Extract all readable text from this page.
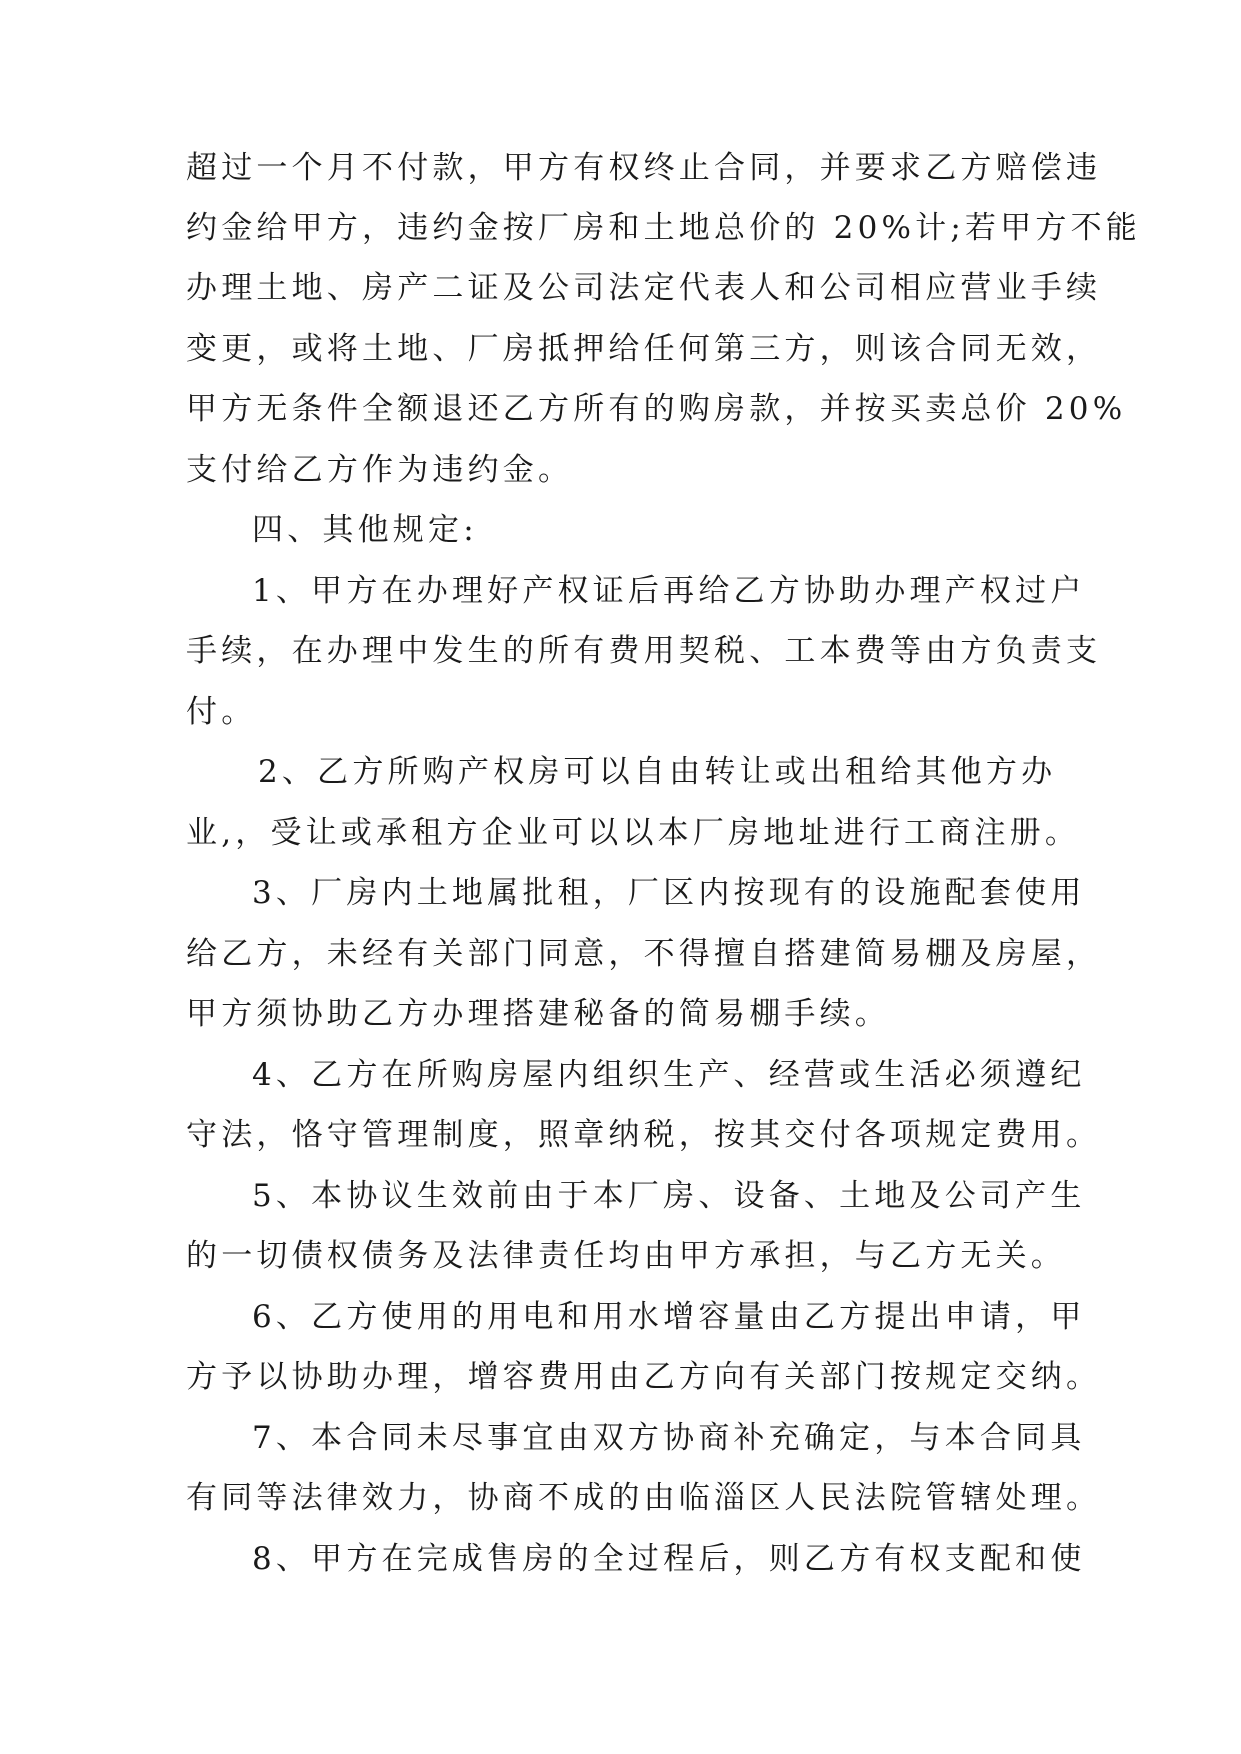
超过一个月不付款，甲方有权终止合同，并要求乙方赔偿违
约金给甲方，违约金按厂房和土地总价的 20%计;若甲方不能
办理土地、房产二证及公司法定代表人和公司相应营业手续
变更，或将土地、厂房抵押给任何第三方，则该合同无效，
甲方无条件全额退还乙方所有的购房款，并按买卖总价 20%
支付给乙方作为违约金。
四、其他规定:
1、甲方在办理好产权证后再给乙方协助办理产权过户
手续，在办理中发生的所有费用契税、工本费等由方负责支
付。
2、乙方所购产权房可以自由转让或出租给其他方办
业,，受让或承租方企业可以以本厂房地址进行工商注册。
3、厂房内土地属批租，厂区内按现有的设施配套使用
给乙方，未经有关部门同意，不得擅自搭建简易棚及房屋，
甲方须协助乙方办理搭建秘备的简易棚手续。
4、乙方在所购房屋内组织生产、经营或生活必须遵纪
守法，恪守管理制度，照章纳税，按其交付各项规定费用。
5、本协议生效前由于本厂房、设备、土地及公司产生
的一切债权债务及法律责任均由甲方承担，与乙方无关。
6、乙方使用的用电和用水增容量由乙方提出申请，甲
方予以协助办理，增容费用由乙方向有关部门按规定交纳。
7、本合同未尽事宜由双方协商补充确定，与本合同具
有同等法律效力，协商不成的由临淄区人民法院管辖处理。
8、甲方在完成售房的全过程后，则乙方有权支配和使
